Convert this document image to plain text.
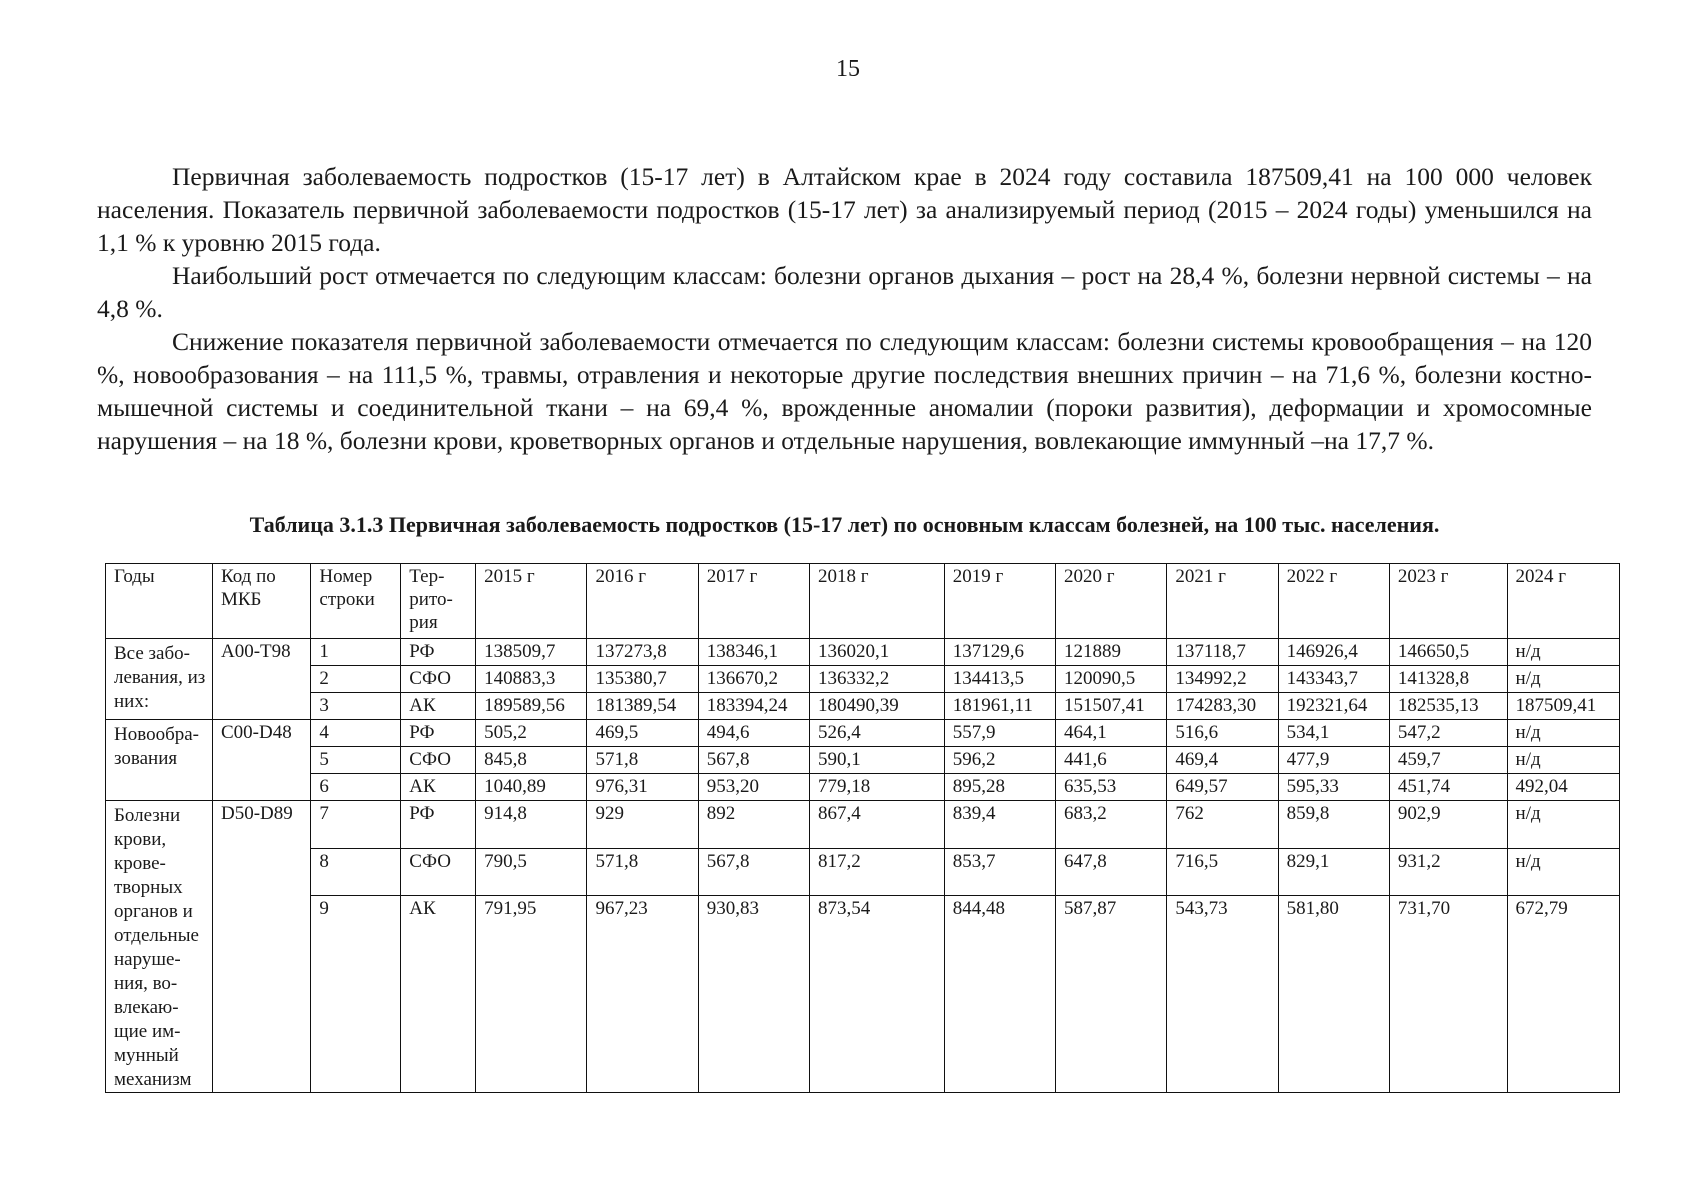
15

Первичная заболеваемость подростков (15-17 лет) в Алтайском крае в 2024 году составила 187509,41 на 100 000 человек населения. Показатель первичной заболеваемости подростков (15-17 лет) за анализируемый период (2015 – 2024 годы) уменьшился на 1,1 % к уровню 2015 года.

Наибольший рост отмечается по следующим классам: болезни органов дыхания – рост на 28,4 %, болезни нервной системы – на 4,8 %.

Снижение показателя первичной заболеваемости отмечается по следующим классам: болезни системы кровообращения – на 120 %, новообразования – на 111,5 %, травмы, отравления и некоторые другие последствия внешних причин – на 71,6 %, болезни костно-мышечной системы и соединительной ткани – на 69,4 %, врожденные аномалии (пороки развития), деформации и хромосомные нарушения – на 18 %, болезни крови, кроветворных органов и отдельные нарушения, вовлекающие иммунный –на 17,7 %.

Таблица 3.1.3 Первичная заболеваемость подростков (15-17 лет) по основным классам болезней, на 100 тыс. населения.
Годы	Код по МКБ	Номер строки	Тер- рито- рия	2015 г	2016 г	2017 г	2018 г	2019 г	2020 г	2021 г	2022 г	2023 г	2024 г
Все забо- левания, из них:	А00-Т98	1	РФ	138509,7	137273,8	138346,1	136020,1	137129,6	121889	137118,7	146926,4	146650,5	н/д
		2	СФО	140883,3	135380,7	136670,2	136332,2	134413,5	120090,5	134992,2	143343,7	141328,8	н/д
		3	АК	189589,56	181389,54	183394,24	180490,39	181961,11	151507,41	174283,30	192321,64	182535,13	187509,41
Новообра- зования	С00-D48	4	РФ	505,2	469,5	494,6	526,4	557,9	464,1	516,6	534,1	547,2	н/д
		5	СФО	845,8	571,8	567,8	590,1	596,2	441,6	469,4	477,9	459,7	н/д
		6	АК	1040,89	976,31	953,20	779,18	895,28	635,53	649,57	595,33	451,74	492,04
Болезни крови, крове- творных органов и отдельные наруше- ния, во- влекаю- щие им- мунный механизм	D50-D89	7	РФ	914,8	929	892	867,4	839,4	683,2	762	859,8	902,9	н/д
		8	СФО	790,5	571,8	567,8	817,2	853,7	647,8	716,5	829,1	931,2	н/д
		9	АК	791,95	967,23	930,83	873,54	844,48	587,87	543,73	581,80	731,70	672,79
